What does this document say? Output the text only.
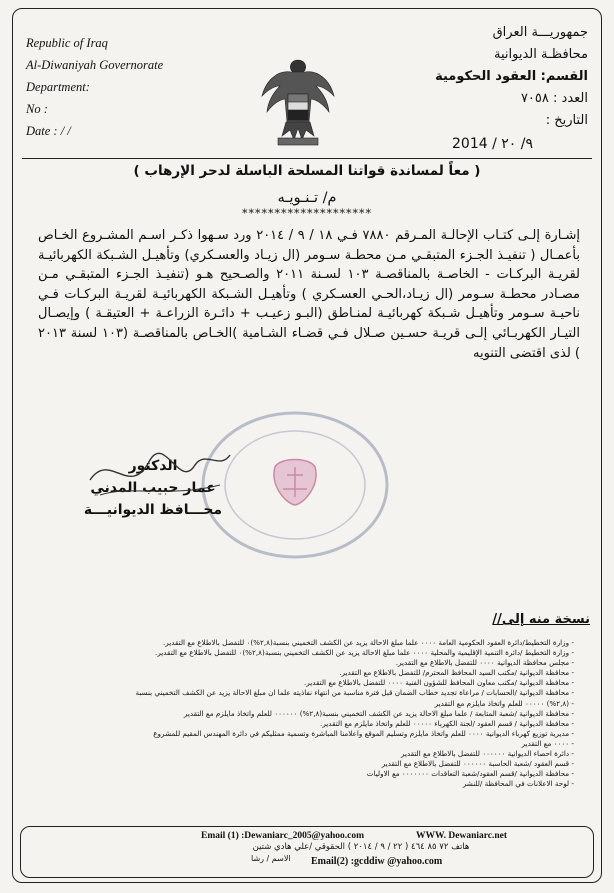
Republic of Iraq
Al-Diwaniyah Governorate
Department:
No :
Date : / /
جمهوريـــة العراق
محافظـة الديوانية
القسم: العقود الحكومية
العدد : ٧٠٥٨
التاريخ :
2014 / ٩/ ٢٠
( معاً لمساندة قواتنا المسلحة الباسلة لدحر الإرهاب )
م/ تـنـويـه
********************
إشـارة إلـى كتـاب الإحالـة المـرقم ٧٨٨٠ فـي ١٨ / ٩ / ٢٠١٤ ورد سـهوا ذكـر اسـم المشـروع الخـاص بأعمـال ( تنفيـذ الجـزء المتبقـي مـن محطـة سـومر (ال زيـاد والعسـكري) وتأهيـل الشـبكة الكهربائيـة لقريـة البركـات - الخاصـة بالمناقصـة ١٠٣ لسـنة ٢٠١١ والصـحيح هـو (تنفيـذ الجـزء المتبقـي مـن مصـادر محطـة سـومر (ال زيـاد،الحـي العسـكري ) وتأهيـل الشـبكة الكهربائيـة لقريـة البركـات فـي ناحيـة سـومر وتأهيـل شـبكة كهربائيـة لمنـاطق (البـو زعيـب + دائـرة الزراعـة + العتيقـة ) وإيصـال التيـار الكهربـائي إلـى قريـة حسـين صـلال فـي قضـاء الشـامية )الخـاص بالمناقصـة (١٠٣ لسنة ٢٠١٣ ) لذى اقتضى التنويه
الدكتور
عمار حبيب المدني
محـــافظ الديوانيـــة
نسخة منه إلى//
- وزارة التخطيط/دائرة العقود الحكومية العامة ٠٠٠٠ علما مبلغ الاحالة يزيد عن الكشف التخميني بنسبة(٢,٨%)٠ للتفضل بالاطلاع مع التقدير.
- وزارة التخطيط /دائرة التنمية الإقليمية والمحلية ٠٠٠٠ علما مبلغ الاحالة يزيد عن الكشف التخميني بنسبة(٢,٨%)٠ للتفضل بالاطلاع مع التقدير.
- مجلس محافظة الديوانية ٠٠٠٠ للتفضل بالاطلاع مع التقدير.
- محافظة الديوانية /مكتب السيد المحافظ المحترم/ للتفضل بالاطلاع مع التقدير.
- محافظة الديوانية /مكتب معاون المحافظ للشؤون الفنية ٠٠٠٠ للتفضل بالاطلاع مع التقدير.
- محافظة الديوانية /الحسابات / مراعاة تجديد خطاب الضمان قبل فترة مناسبة من انتهاء نفاذيته علما ان مبلغ الاحالة يزيد عن الكشف التخميني بنسبة
- (٢,٨%) ٠٠٠٠٠ للعلم واتخاذ مايلزم مع التقدير
- محافظة الديوانية /شعبة المتابعة / علما مبلغ الاحالة يزيد عن الكشف التخميني بنسبة(٢,٨%) ٠٠٠٠٠٠ للعلم واتخاذ مايلزم مع التقدير
- محافظة الديوانية / قسم العقود /لجنة الكهرباء ٠٠٠٠٠ للعلم واتخاذ مايلزم مع التقدير.
- مديرية توزيع كهرباء الديوانية ٠٠٠٠ للعلم واتخاذ مايلزم وتسليم الموقع واعلامنا المباشرة وتسمية ممثليكم في دائرة المهندس المقيم للمشروع
- ٠٠٠٠ مع التقدير
- دائرة احصاء الديوانية ٠٠٠٠٠٠ للتفضل بالاطلاع مع التقدير
- قسم العقود /شعبة الحاسبة ٠٠٠٠٠٠ للتفضل بالاطلاع مع التقدير
- محافظة الديوانية /قسم العقود/شعبة التعاقدات ٠٠٠٠٠٠٠ مع الاوليات
- لوحة الاعلانات في المحافظة /للنشر
Email (1) :Dewaniarc_2005@yahoo.com	WWW. Dewaniarc.net
هاتف ٧٢ ٨٥ ٤٦٤ ( ٢٢ / ٩ / ٢٠١٤ ) الحقوقي /علي هادي شتين
الاسم / رشا Email(2) :gcddiw @yahoo.com
